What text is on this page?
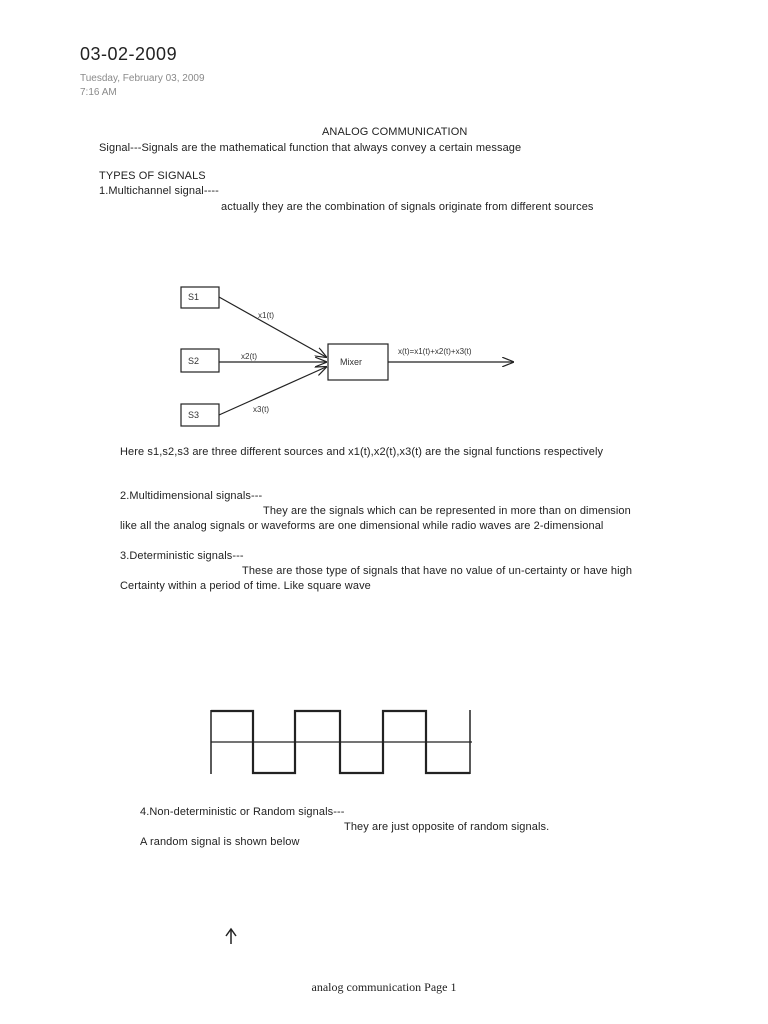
03-02-2009
Tuesday, February 03, 2009
7:16 AM
ANALOG COMMUNICATION
Signal---Signals are the mathematical function that always convey a certain message
TYPES OF SIGNALS
1.Multichannel signal----
actually they are the combination of signals originate from different sources
S1
S2
S3
Mixer
x1(t)
x2(t)
x3(t)
x(t)=x1(t)+x2(t)+x3(t)
Here s1,s2,s3 are three different sources and x1(t),x2(t),x3(t) are the signal functions respectively
2.Multidimensional signals---
They are the signals which can be represented in more than on dimension
like all the analog signals or waveforms are one dimensional while radio waves are 2-dimensional
3.Deterministic signals---
These are those type of signals that have no value of un-certainty or have high
Certainty within a period of time. Like square wave
4.Non-deterministic or Random signals---
They are just opposite of random signals.
A random signal is shown below
analog communication Page 1
